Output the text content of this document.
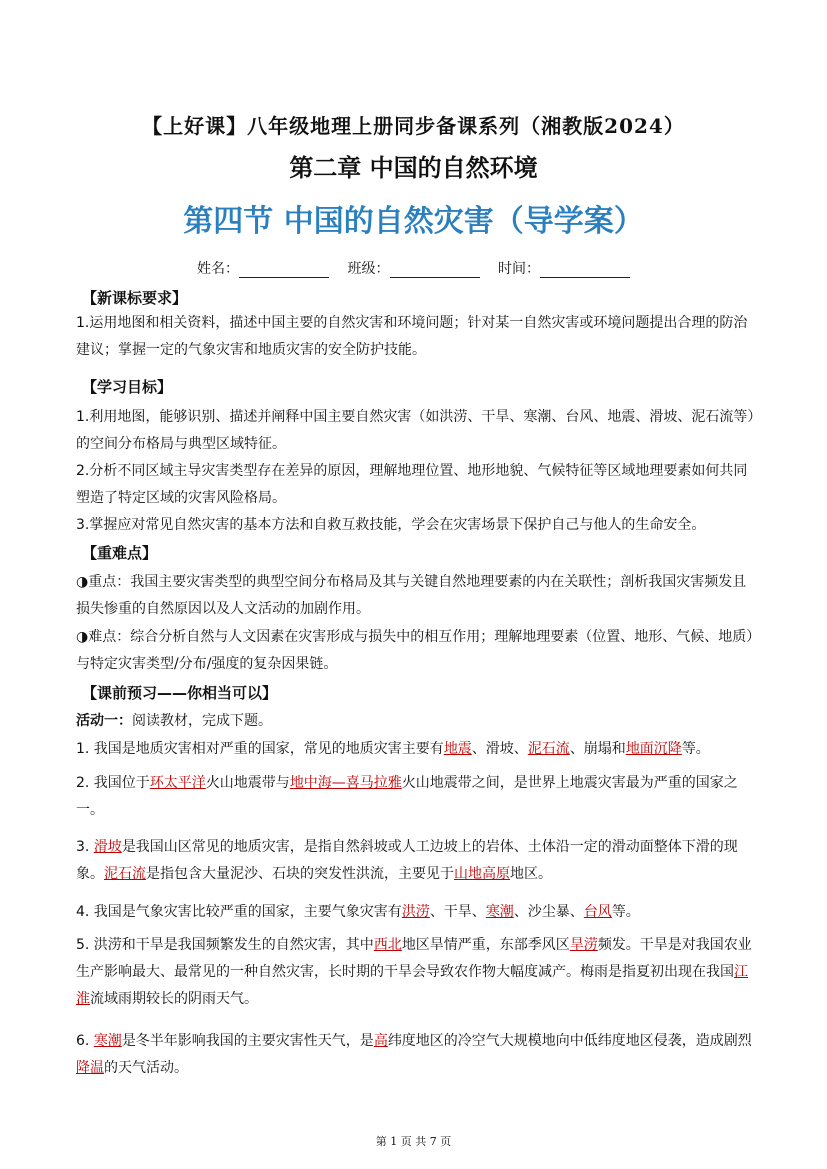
【上好课】八年级地理上册同步备课系列（湘教版2024）
第二章 中国的自然环境
第四节 中国的自然灾害（导学案）
姓名：	班级：	时间：
【新课标要求】
1.运用地图和相关资料，描述中国主要的自然灾害和环境问题；针对某一自然灾害或环境问题提出合理的防治建议；掌握一定的气象灾害和地质灾害的安全防护技能。
【学习目标】
1.利用地图，能够识别、描述并阐释中国主要自然灾害（如洪涝、干旱、寒潮、台风、地震、滑坡、泥石流等）的空间分布格局与典型区域特征。
2.分析不同区域主导灾害类型存在差异的原因，理解地理位置、地形地貌、气候特征等区域地理要素如何共同塑造了特定区域的灾害风险格局。
3.掌握应对常见自然灾害的基本方法和自救互救技能，学会在灾害场景下保护自己与他人的生命安全。
【重难点】
◑重点：我国主要灾害类型的典型空间分布格局及其与关键自然地理要素的内在关联性；剖析我国灾害频发且损失惨重的自然原因以及人文活动的加剧作用。
◑难点：综合分析自然与人文因素在灾害形成与损失中的相互作用；理解地理要素（位置、地形、气候、地质）与特定灾害类型/分布/强度的复杂因果链。
【课前预习——你相当可以】
活动一：阅读教材，完成下题。
1. 我国是地质灾害相对严重的国家，常见的地质灾害主要有地震、滑坡、泥石流、崩塌和地面沉降等。
2. 我国位于环太平洋火山地震带与地中海—喜马拉雅火山地震带之间，是世界上地震灾害最为严重的国家之一。
3. 滑坡是我国山区常见的地质灾害，是指自然斜坡或人工边坡上的岩体、土体沿一定的滑动面整体下滑的现象。泥石流是指包含大量泥沙、石块的突发性洪流，主要见于山地高原地区。
4. 我国是气象灾害比较严重的国家，主要气象灾害有洪涝、干旱、寒潮、沙尘暴、台风等。
5. 洪涝和干旱是我国频繁发生的自然灾害，其中西北地区旱情严重，东部季风区旱涝频发。干旱是对我国农业生产影响最大、最常见的一种自然灾害，长时期的干旱会导致农作物大幅度减产。梅雨是指夏初出现在我国江淮流域雨期较长的阴雨天气。
6. 寒潮是冬半年影响我国的主要灾害性天气，是高纬度地区的冷空气大规模地向中低纬度地区侵袭，造成剧烈降温的天气活动。
第 1 页 共 7 页
